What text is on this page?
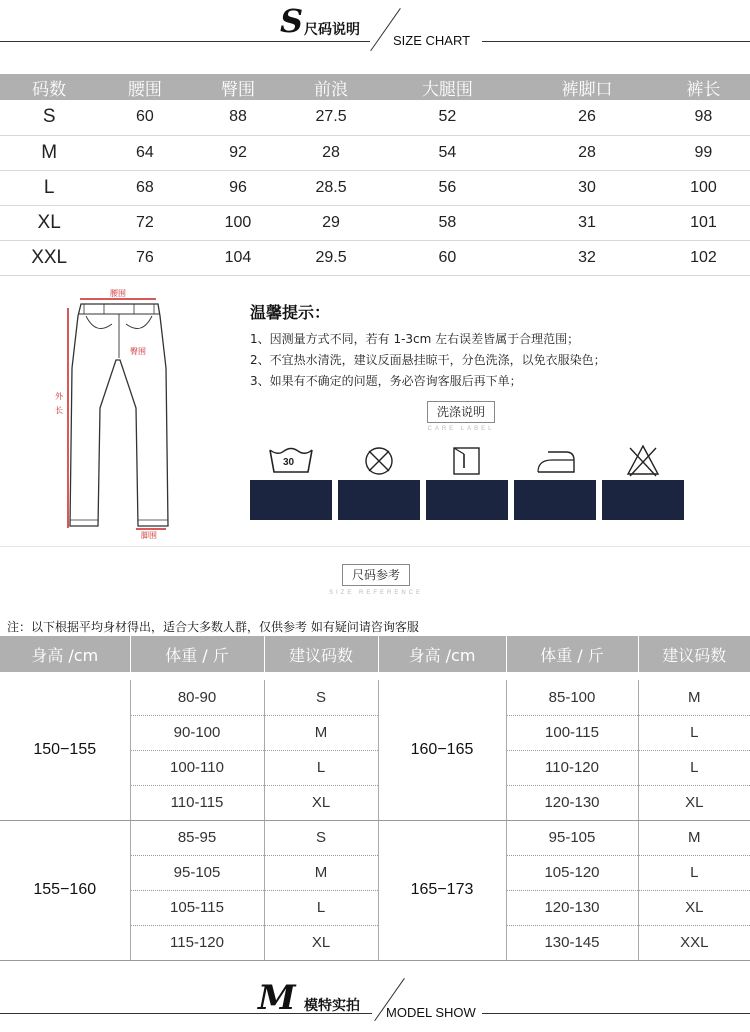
S 尺码说明
SIZE CHART
码数	腰围	臀围	前浪	大腿围	裤脚口	裤长
S	60	88	27.5	52	26	98
M	64	92	28	54	28	99
L	68	96	28.5	56	30	100
XL	72	100	29	58	31	101
XXL	76	104	29.5	60	32	102
腰围
臀围
外
长
脚围
温馨提示：
1、因测量方式不同，若有 1-3cm 左右误差皆属于合理范围；
2、不宜热水清洗，建议反面悬挂晾干，分色洗涤，以免衣服染色；
3、如果有不确定的问题，务必咨询客服后再下单；
洗涤说明
CARE LABEL
30
尺码参考
SIZE REFERENCE
注：以下根据平均身材得出，适合大多数人群，仅供参考 如有疑问请咨询客服
身高 /cm	体重 / 斤	建议码数	身高 /cm	体重 / 斤	建议码数

150−155	80-90	S	160−165	85-100	M
	90-100	M		100-115	L
	100-110	L		110-120	L
	110-115	XL		120-130	XL
155−160	85-95	S	165−173	95-105	M
	95-105	M		105-120	L
	105-115	L		120-130	XL
	115-120	XL		130-145	XXL
M 模特实拍 MODEL SHOW
